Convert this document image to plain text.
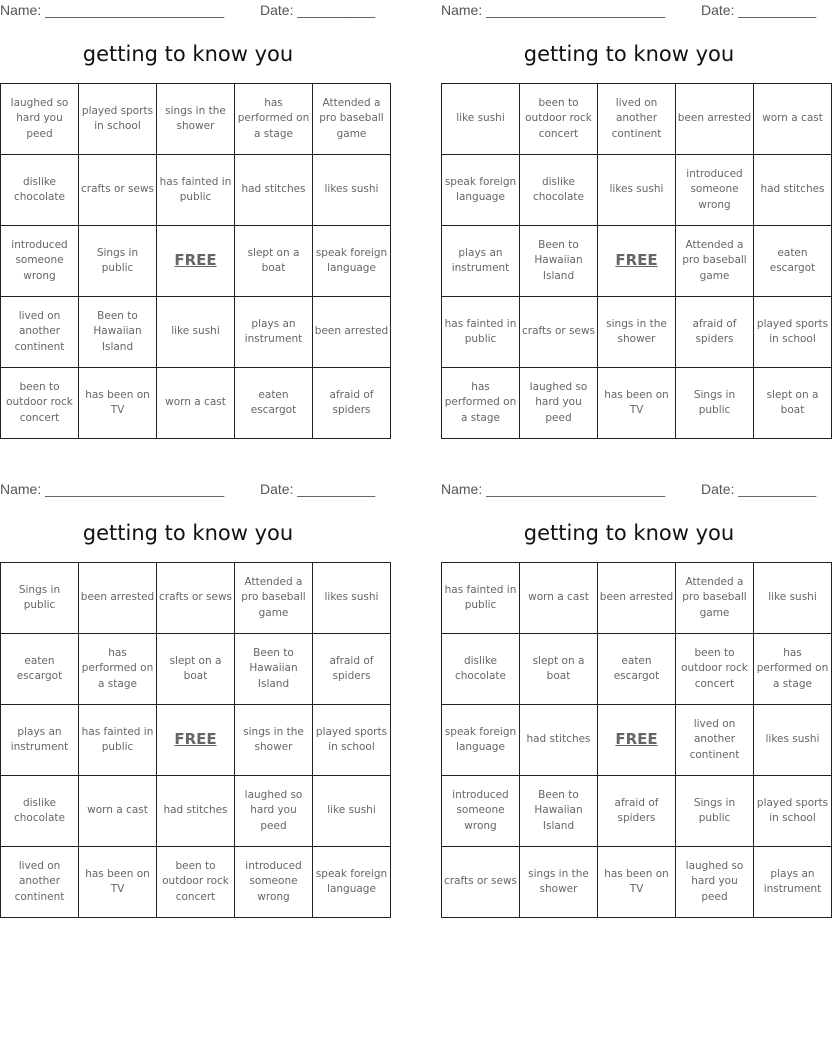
Name: _______________________	Date: __________
getting to know you
laughed so hard you peed	played sports in school	sings in the shower	has performed on a stage	Attended a pro baseball game
dislike chocolate	crafts or sews	has fainted in public	had stitches	likes sushi
introduced someone wrong	Sings in public	FREE	slept on a boat	speak foreign language
lived on another continent	Been to Hawaiian Island	like sushi	plays an instrument	been arrested
been to outdoor rock concert	has been on TV	worn a cast	eaten escargot	afraid of spiders
Name: _______________________	Date: __________
getting to know you
like sushi	been to outdoor rock concert	lived on another continent	been arrested	worn a cast
speak foreign language	dislike chocolate	likes sushi	introduced someone wrong	had stitches
plays an instrument	Been to Hawaiian Island	FREE	Attended a pro baseball game	eaten escargot
has fainted in public	crafts or sews	sings in the shower	afraid of spiders	played sports in school
has performed on a stage	laughed so hard you peed	has been on TV	Sings in public	slept on a boat
Name: _______________________	Date: __________
getting to know you
Sings in public	been arrested	crafts or sews	Attended a pro baseball game	likes sushi
eaten escargot	has performed on a stage	slept on a boat	Been to Hawaiian Island	afraid of spiders
plays an instrument	has fainted in public	FREE	sings in the shower	played sports in school
dislike chocolate	worn a cast	had stitches	laughed so hard you peed	like sushi
lived on another continent	has been on TV	been to outdoor rock concert	introduced someone wrong	speak foreign language
Name: _______________________	Date: __________
getting to know you
has fainted in public	worn a cast	been arrested	Attended a pro baseball game	like sushi
dislike chocolate	slept on a boat	eaten escargot	been to outdoor rock concert	has performed on a stage
speak foreign language	had stitches	FREE	lived on another continent	likes sushi
introduced someone wrong	Been to Hawaiian Island	afraid of spiders	Sings in public	played sports in school
crafts or sews	sings in the shower	has been on TV	laughed so hard you peed	plays an instrument
